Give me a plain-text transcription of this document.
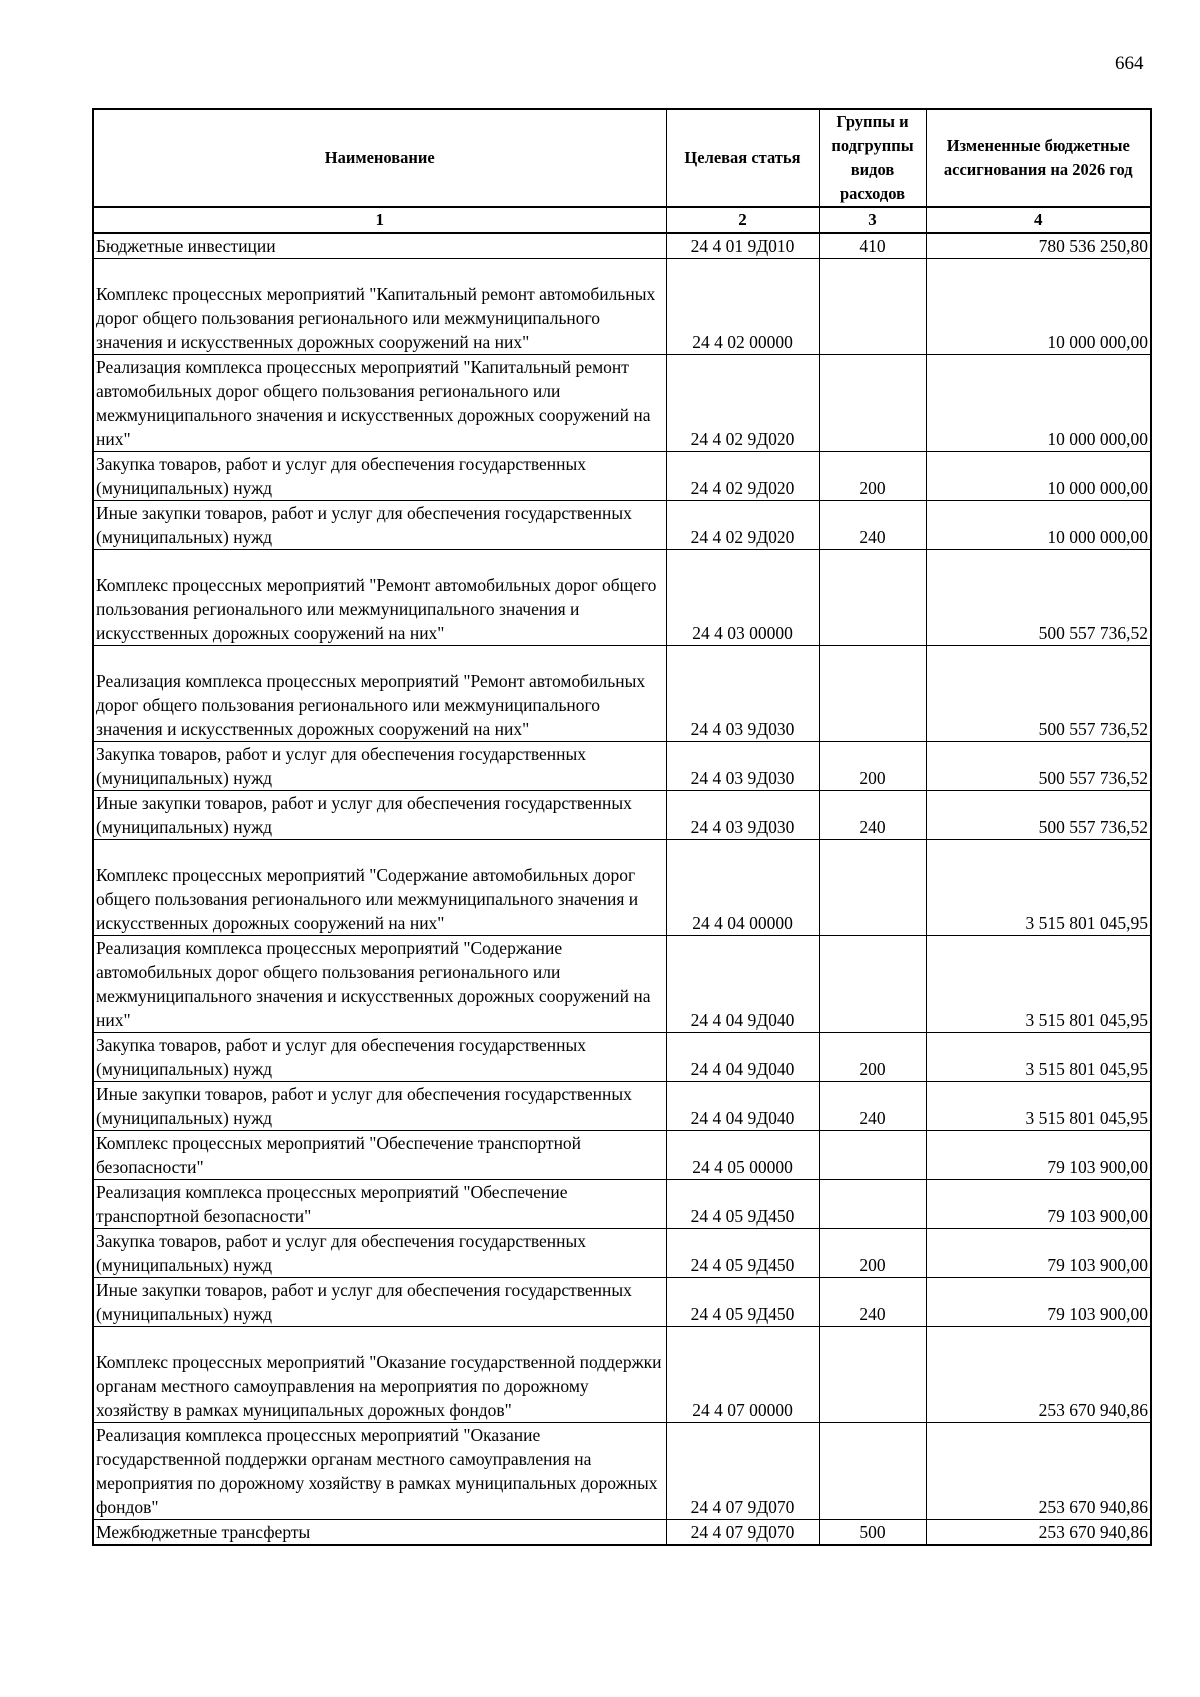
664
Наименование	Целевая статья	Группы и подгруппы видов расходов	Измененные бюджетные ассигнования на 2026 год
1	2	3	4
Бюджетные инвестиции	24 4 01 9Д010	410	780 536 250,80
Комплекс процессных мероприятий "Капитальный ремонт автомобильных дорог общего пользования регионального или межмуниципального значения и искусственных дорожных сооружений на них"	24 4 02 00000		10 000 000,00
Реализация комплекса процессных мероприятий "Капитальный ремонт автомобильных дорог общего пользования регионального или межмуниципального значения и искусственных дорожных сооружений на них"	24 4 02 9Д020		10 000 000,00
Закупка товаров, работ и услуг для обеспечения государственных (муниципальных) нужд	24 4 02 9Д020	200	10 000 000,00
Иные закупки товаров, работ и услуг для обеспечения государственных (муниципальных) нужд	24 4 02 9Д020	240	10 000 000,00
Комплекс процессных мероприятий "Ремонт автомобильных дорог общего пользования регионального или межмуниципального значения и искусственных дорожных сооружений на них"	24 4 03 00000		500 557 736,52
Реализация комплекса процессных мероприятий "Ремонт автомобильных дорог общего пользования регионального или межмуниципального значения и искусственных дорожных сооружений на них"	24 4 03 9Д030		500 557 736,52
Закупка товаров, работ и услуг для обеспечения государственных (муниципальных) нужд	24 4 03 9Д030	200	500 557 736,52
Иные закупки товаров, работ и услуг для обеспечения государственных (муниципальных) нужд	24 4 03 9Д030	240	500 557 736,52
Комплекс процессных мероприятий "Содержание автомобильных дорог общего пользования регионального или межмуниципального значения и искусственных дорожных сооружений на них"	24 4 04 00000		3 515 801 045,95
Реализация комплекса процессных мероприятий "Содержание автомобильных дорог общего пользования регионального или межмуниципального значения и искусственных дорожных сооружений на них"	24 4 04 9Д040		3 515 801 045,95
Закупка товаров, работ и услуг для обеспечения государственных (муниципальных) нужд	24 4 04 9Д040	200	3 515 801 045,95
Иные закупки товаров, работ и услуг для обеспечения государственных (муниципальных) нужд	24 4 04 9Д040	240	3 515 801 045,95
Комплекс процессных мероприятий "Обеспечение транспортной безопасности"	24 4 05 00000		79 103 900,00
Реализация комплекса процессных мероприятий "Обеспечение транспортной безопасности"	24 4 05 9Д450		79 103 900,00
Закупка товаров, работ и услуг для обеспечения государственных (муниципальных) нужд	24 4 05 9Д450	200	79 103 900,00
Иные закупки товаров, работ и услуг для обеспечения государственных (муниципальных) нужд	24 4 05 9Д450	240	79 103 900,00
Комплекс процессных мероприятий "Оказание государственной поддержки органам местного самоуправления на мероприятия по дорожному хозяйству в рамках муниципальных дорожных фондов"	24 4 07 00000		253 670 940,86
Реализация комплекса процессных мероприятий "Оказание государственной поддержки органам местного самоуправления на мероприятия по дорожному хозяйству в рамках муниципальных дорожных фондов"	24 4 07 9Д070		253 670 940,86
Межбюджетные трансферты	24 4 07 9Д070	500	253 670 940,86
